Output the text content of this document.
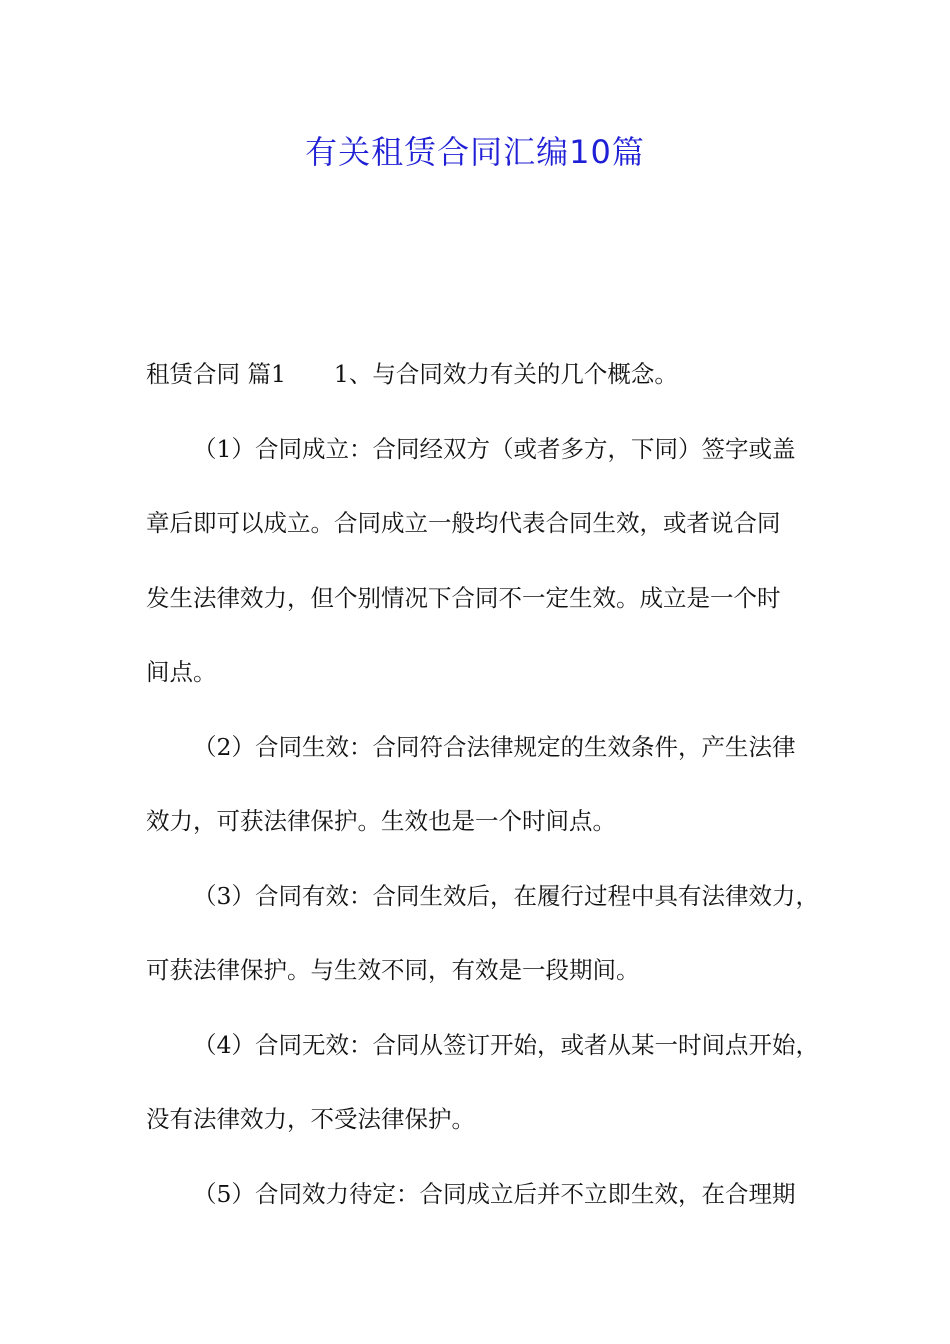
有关租赁合同汇编10篇
租赁合同 篇1 1、与合同效力有关的几个概念。
（1）合同成立：合同经双方（或者多方，下同）签字或盖
章后即可以成立。合同成立一般均代表合同生效，或者说合同
发生法律效力，但个别情况下合同不一定生效。成立是一个时
间点。
（2）合同生效：合同符合法律规定的生效条件，产生法律
效力，可获法律保护。生效也是一个时间点。
（3）合同有效：合同生效后，在履行过程中具有法律效力，
可获法律保护。与生效不同，有效是一段期间。
（4）合同无效：合同从签订开始，或者从某一时间点开始，
没有法律效力，不受法律保护。
（5）合同效力待定：合同成立后并不立即生效，在合理期
